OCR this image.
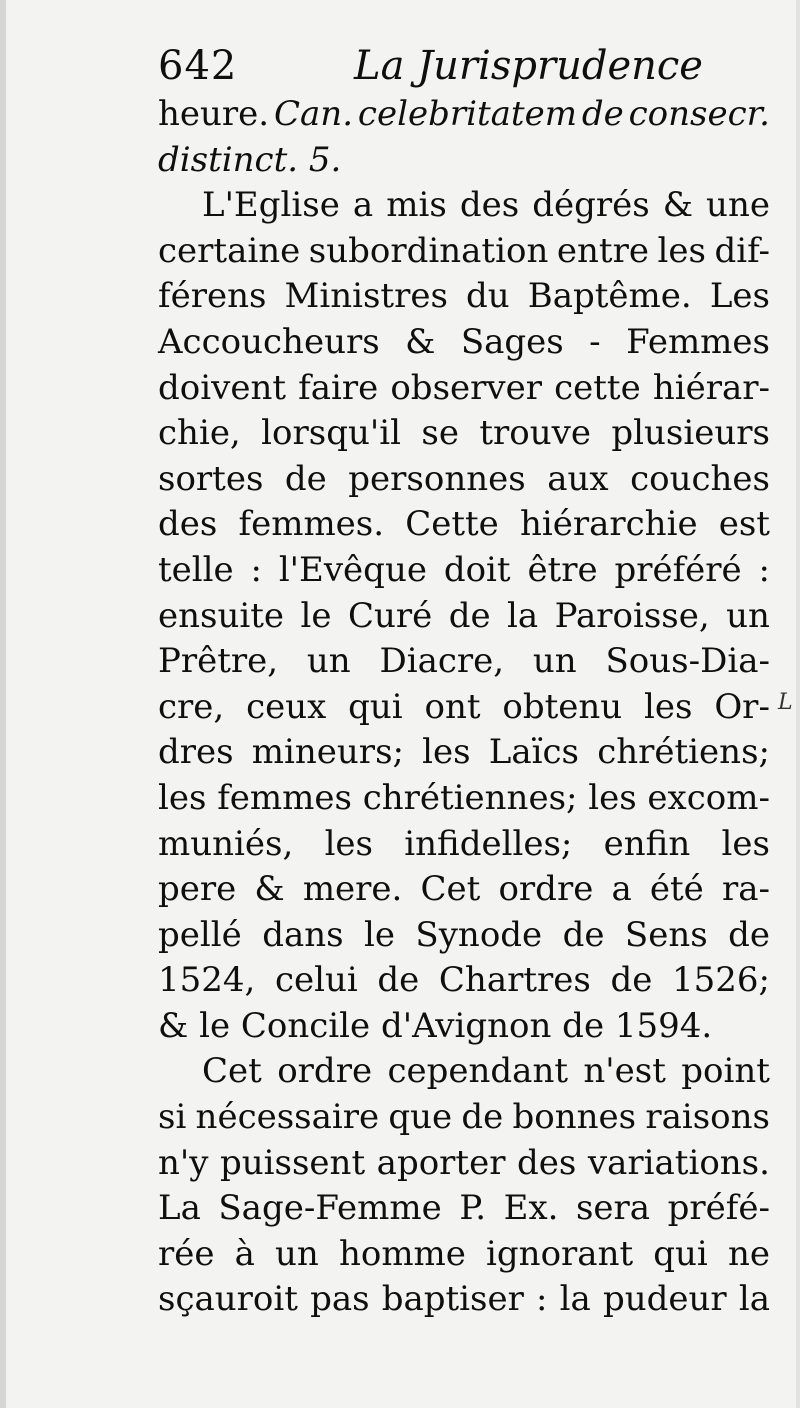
642	La Jurisprudence
heure. Can. celebritatem de consecr.
distinct. 5.
L'Eglise a mis des dégrés & une
certaine subordination entre les dif-
férens Ministres du Baptême. Les
Accoucheurs & Sages - Femmes
doivent faire observer cette hiérar-
chie, lorsqu'il se trouve plusieurs
sortes de personnes aux couches
des femmes. Cette hiérarchie est
telle : l'Evêque doit être préféré :
ensuite le Curé de la Paroisse, un
Prêtre, un Diacre, un Sous-Dia-
cre, ceux qui ont obtenu les Or-
dres mineurs; les Laïcs chrétiens;
les femmes chrétiennes; les excom-
muniés, les infidelles; enfin les
pere & mere. Cet ordre a été ra-
pellé dans le Synode de Sens de
1524, celui de Chartres de 1526;
& le Concile d'Avignon de 1594.
Cet ordre cependant n'est point
si nécessaire que de bonnes raisons
n'y puissent aporter des variations.
La Sage-Femme P. Ex. sera préfé-
rée à un homme ignorant qui ne
sçauroit pas baptiser : la pudeur la
L
